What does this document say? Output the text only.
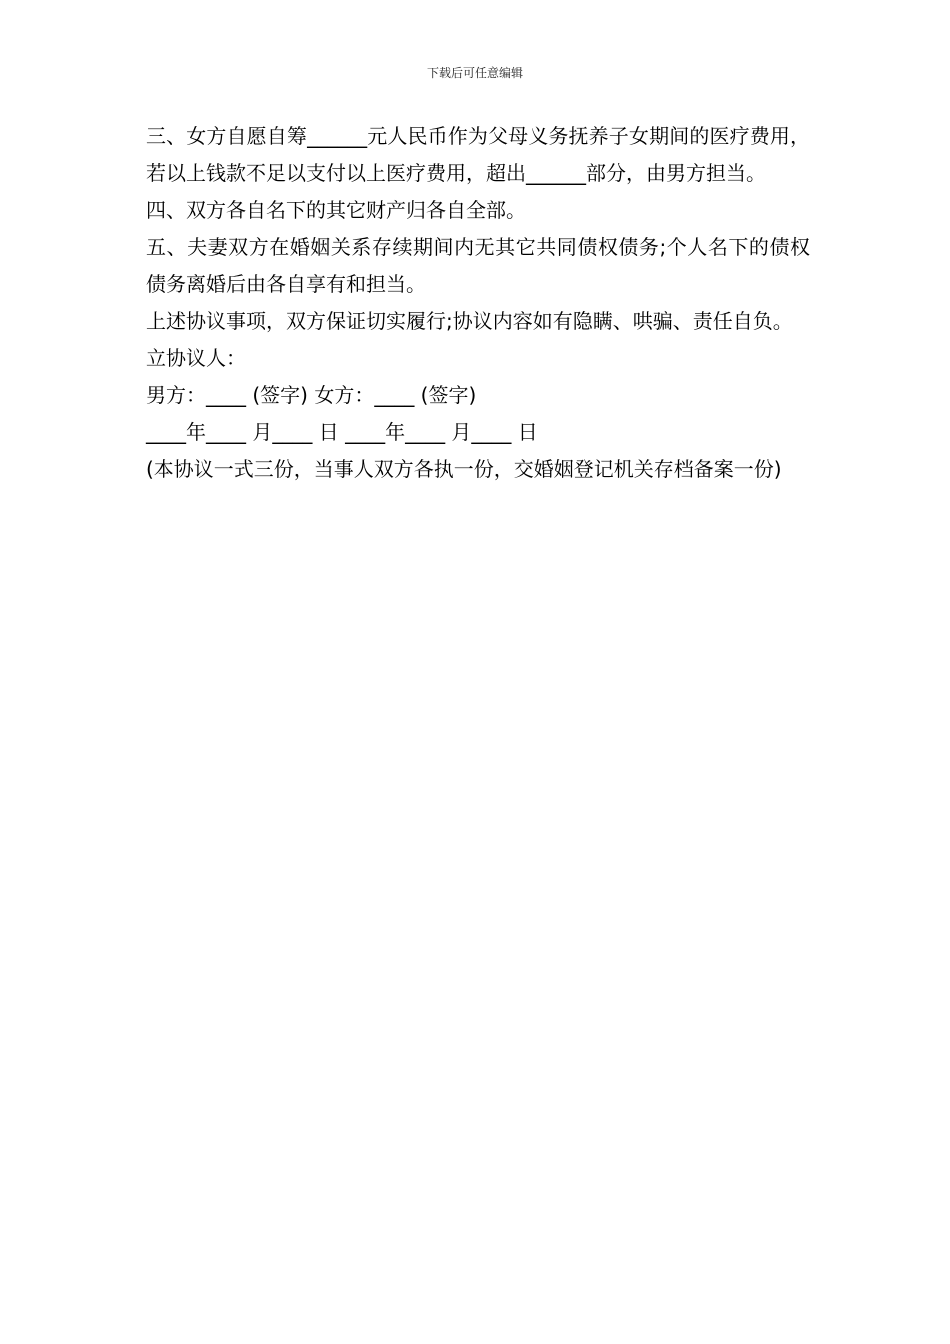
下载后可任意编辑

三、女方自愿自筹______元人民币作为父母义务抚养子女期间的医疗费用，若以上钱款不足以支付以上医疗费用，超出______部分，由男方担当。

四、双方各自名下的其它财产归各自全部。

五、夫妻双方在婚姻关系存续期间内无其它共同债权债务;个人名下的债权债务离婚后由各自享有和担当。

上述协议事项，双方保证切实履行;协议内容如有隐瞒、哄骗、责任自负。

立协议人：

男方：____ (签字) 女方：____ (签字)

____年____ 月____ 日 ____年____ 月____ 日

(本协议一式三份，当事人双方各执一份，交婚姻登记机关存档备案一份)
